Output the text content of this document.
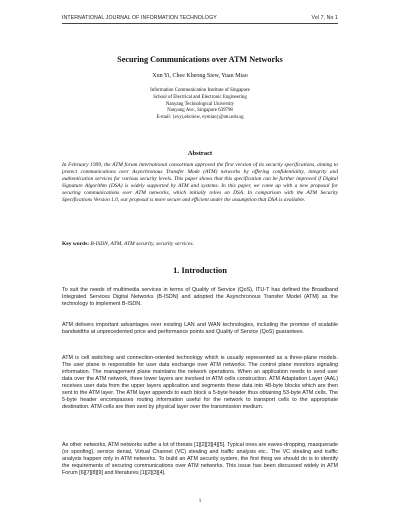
INTERNATIONAL JOURNAL OF INFORMATION TECHNOLOGY	Vol 7, No 1
Securing Communications over ATM Networks
Xun Yi, Chee Kheong Siew, Yuan Miao
Information Communication Institute of Singapore
School of Electrical and Electronic Engineering
Nanyang Technological University
Nanyang Ave., Singapore 639798
E-mail: {exyi,ekcsiew, eymiao}@ntu.edu.sg
Abstract
In February 1999, the ATM forum international consortium approved the first version of its security specifications, aiming to protect communications over Asynchronous Transfer Mode (ATM) networks by offering confidentiality, integrity and authentication services for various security levels. This paper shows that this specification can be further improved if Digital Signature Algorithm (DSA) is widely supported by ATM and systems. In this paper, we come up with a new proposal for securing communications over ATM networks, which initially relies on DSA. In comparison with the ATM Security Specifications Version 1.0, our proposal is more secure and efficient under the assumption that DSA is available.
Key words: B-ISDN, ATM, ATM security, security services.
1. Introduction
To suit the needs of multimedia services in terms of Quality of Service (QoS), ITU-T has defined the Broadband Integrated Services Digital Networks (B-ISDN) and adopted the Asynchronous Transfer Model (ATM) as the technology to implement B-ISDN.
ATM delivers important advantages over existing LAN and WAN technologies, including the promise of scalable bandwidths at unprecedented price and performance points and Quality of Service (QoS) guarantees.
ATM is cell switching and connection-oriented technology which is usually represented as a three-plane models. The user plane is responsible for user data exchange over ATM networks. The control plane monitors signaling information. The management plane maintains the network operations. When an application needs to send user data over the ATM network, three lower layers are involved in ATM cells construction. ATM Adaptation Layer (AAL) receives user data from the upper layers application and segments these data into 48-byte blocks which are then sent to the ATM layer. The ATM layer appends to each block a 5-byte header thus obtaining 53-byte ATM cells. The 5-byte header encompasses routing information useful for the network to transport cells to the appropriate destination. ATM cells are then sent by physical layer over the transmission medium.
As other networks, ATM networks suffer a lot of threats [1][2][3][4][5]. Typical ones are eaves-dropping, masquerade (or spoofing), service denial, Virtual Channel (VC) stealing and traffic analysis etc.. The VC stealing and traffic analysis happen only in ATM networks. To build an ATM security system, the first thing we should do is to identify the requirements of securing communications over ATM networks. This issue has been discussed widely in ATM Forum [6][7][8][9] and literatures [1][2][3][4].
1
